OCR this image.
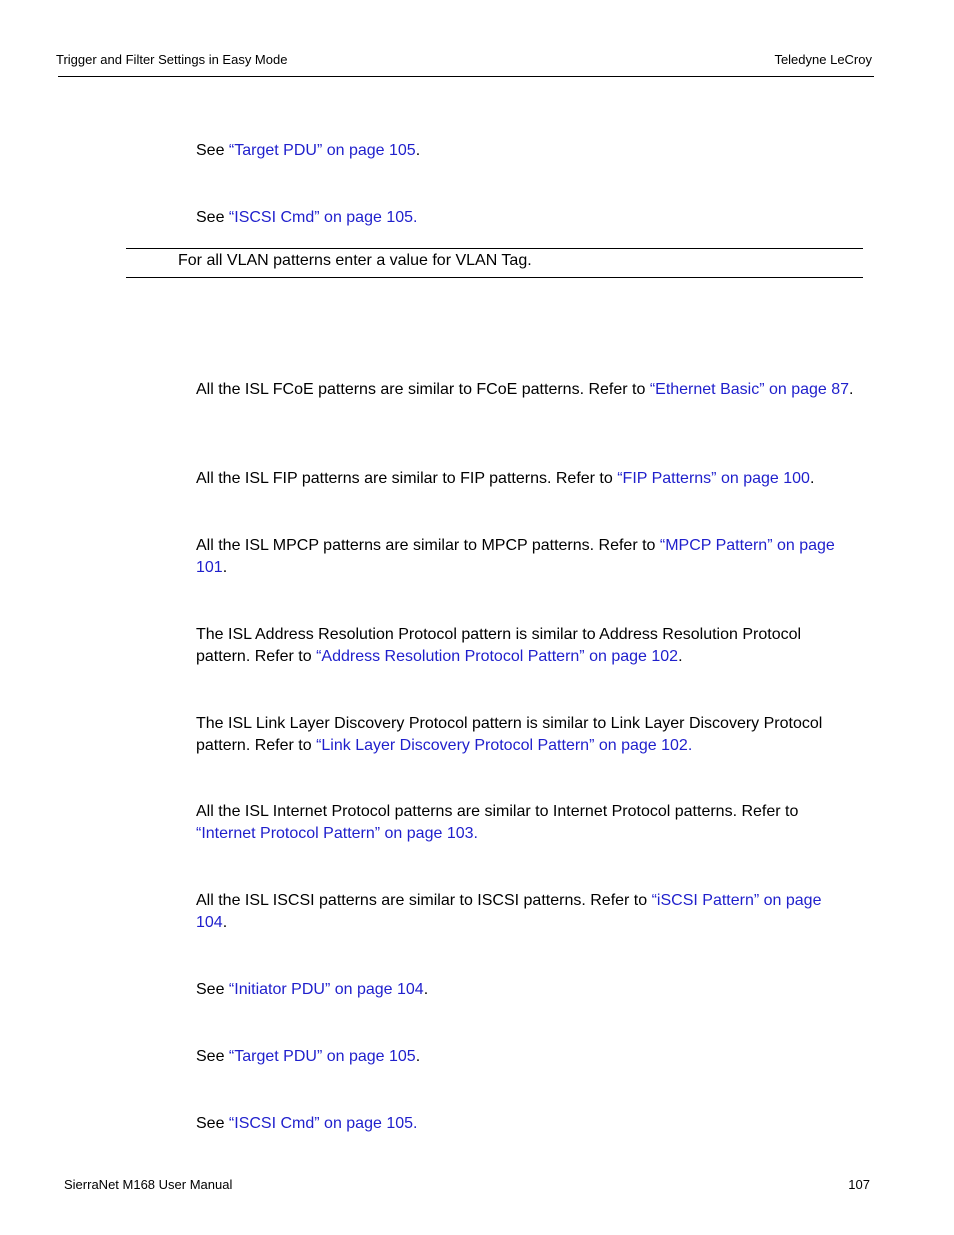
Trigger and Filter Settings in Easy Mode	Teledyne LeCroy
See “Target PDU” on page 105.
See “ISCSI Cmd” on page 105.
For all VLAN patterns enter a value for VLAN Tag.
All the ISL FCoE patterns are similar to FCoE patterns. Refer to “Ethernet Basic” on page 87.
All the ISL FIP patterns are similar to FIP patterns. Refer to “FIP Patterns” on page 100.
All the ISL MPCP patterns are similar to MPCP patterns. Refer to “MPCP Pattern” on page 101.
The ISL Address Resolution Protocol pattern is similar to Address Resolution Protocol pattern. Refer to “Address Resolution Protocol Pattern” on page 102.
The ISL Link Layer Discovery Protocol pattern is similar to Link Layer Discovery Protocol pattern. Refer to “Link Layer Discovery Protocol Pattern” on page 102.
All the ISL Internet Protocol patterns are similar to Internet Protocol patterns. Refer to “Internet Protocol Pattern” on page 103.
All the ISL ISCSI patterns are similar to ISCSI patterns. Refer to “iSCSI Pattern” on page 104.
See “Initiator PDU” on page 104.
See “Target PDU” on page 105.
See “ISCSI Cmd” on page 105.
SierraNet M168 User Manual	107
